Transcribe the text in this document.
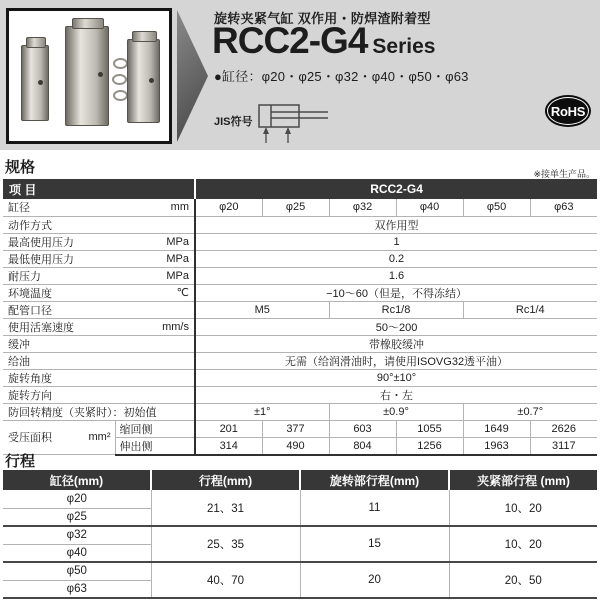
旋转夹紧气缸 双作用・防焊渣附着型
RCC2-G4 Series
●缸径：φ20・φ25・φ32・φ40・φ50・φ63
JIS符号
RoHS
规格	※接单生产品。
项 目		RCC2-G4					

缸径 mm		φ20	φ25	φ32	φ40	φ50	φ63

动作方式		双作用型					

最高使用压力 MPa		1					

最低使用压力 MPa		0.2					

耐压力 MPa		1.6					

环境温度 ℃		−10～60（但是，不得冻结）					

配管口径		M5		Rc1/8		Rc1/4	

使用活塞速度 mm/s		50～200					

缓冲		带橡胶缓冲					

给油		无需（给润滑油时，请使用ISOVG32透平油）					

旋转角度		90°±10°					

旋转方向		右・左					

防回转精度（夹紧时）：初始值		±1°		±0.9°		±0.7°	

受压面积 mm²	缩回侧	201	377	603	1055	1649	2626
	伸出侧	314	490	804	1256	1963	3117
行程
缸径(mm)	行程(mm)	旋转部行程(mm)	夹紧部行程 (mm)
φ20	21、31	11	10、20
φ25			
φ32	25、35	15	10、20
φ40			
φ50	40、70	20	20、50
φ63			
